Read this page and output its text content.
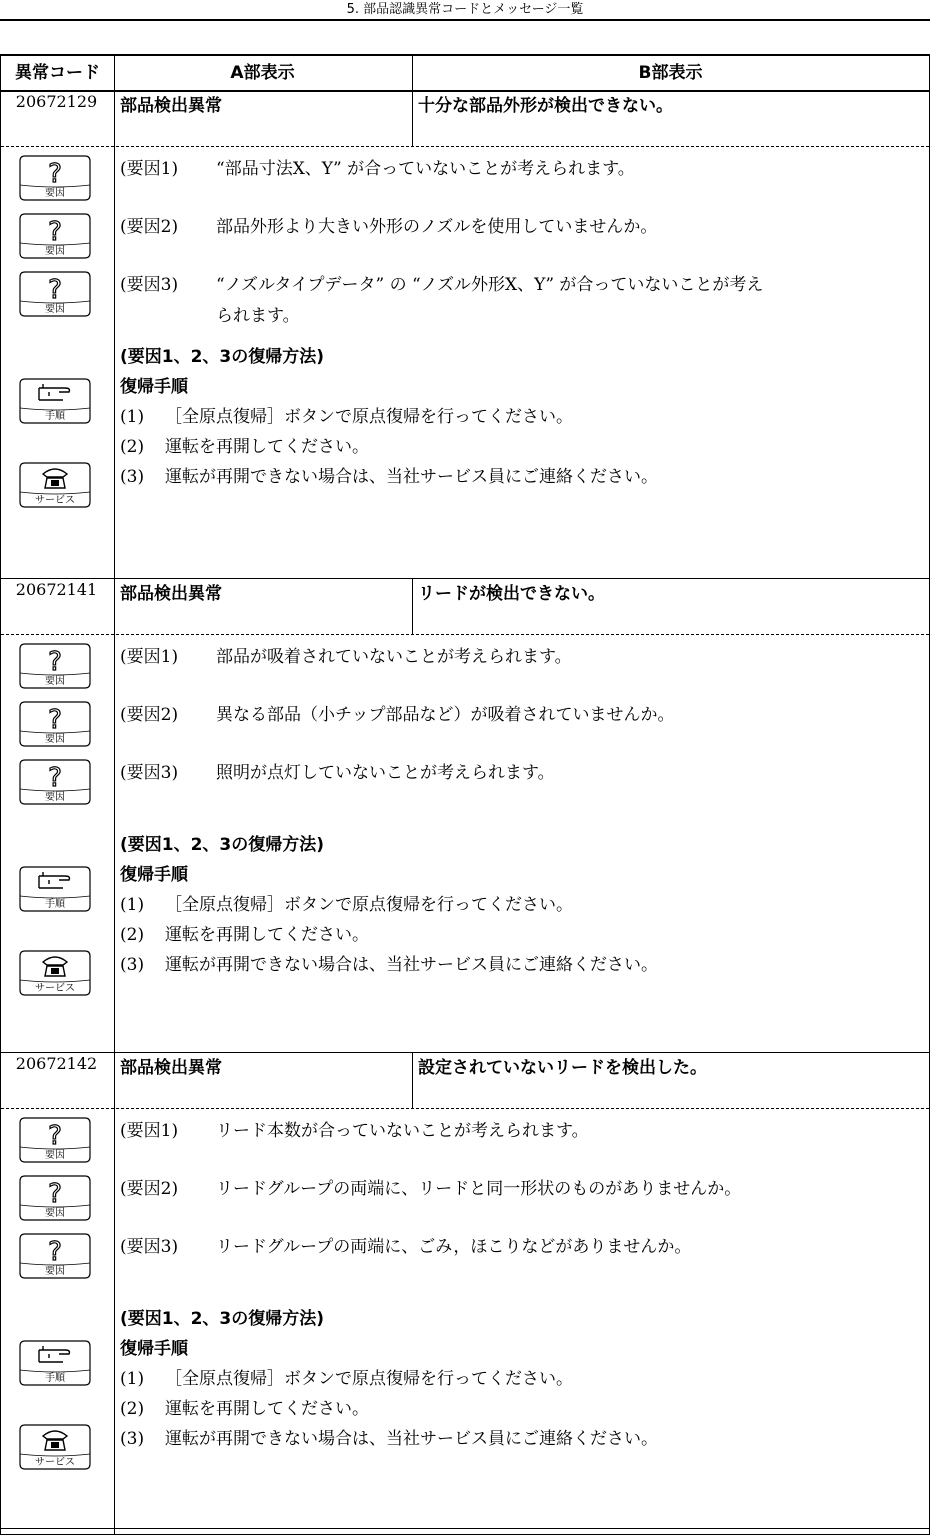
5. 部品認識異常コードとメッセージ一覧
異常コード	A部表示	B部表示
20672129	部品検出異常	十分な部品外形が検出できない。
?
要因
(要因1) “部品寸法X、Y” が合っていないことが考えられます。
?
要因
(要因2) 部品外形より大きい外形のノズルを使用していませんか。
?
要因
(要因3) “ノズルタイプデータ” の “ノズル外形X、Y” が合っていないことが考え
られます。
(要因1、2、3の復帰方法)
復帰手順
手順	(1) ［全原点復帰］ボタンで原点復帰を行ってください。
(2) 運転を再開してください。
(3) 運転が再開できない場合は、当社サービス員にご連絡ください。
サービス
20672141	部品検出異常	リードが検出できない。
?
要因
(要因1) 部品が吸着されていないことが考えられます。
?
要因
(要因2) 異なる部品（小チップ部品など）が吸着されていませんか。
?
要因
(要因3) 照明が点灯していないことが考えられます。
(要因1、2、3の復帰方法)
復帰手順
手順	(1) ［全原点復帰］ボタンで原点復帰を行ってください。
(2) 運転を再開してください。
(3) 運転が再開できない場合は、当社サービス員にご連絡ください。
サービス
20672142	部品検出異常	設定されていないリードを検出した。
?
要因
(要因1) リード本数が合っていないことが考えられます。
?
要因
(要因2) リードグループの両端に、リードと同一形状のものがありませんか。
?
要因
(要因3) リードグループの両端に、ごみ，ほこりなどがありませんか。
(要因1、2、3の復帰方法)
復帰手順
手順	(1) ［全原点復帰］ボタンで原点復帰を行ってください。
(2) 運転を再開してください。
(3) 運転が再開できない場合は、当社サービス員にご連絡ください。
サービス
